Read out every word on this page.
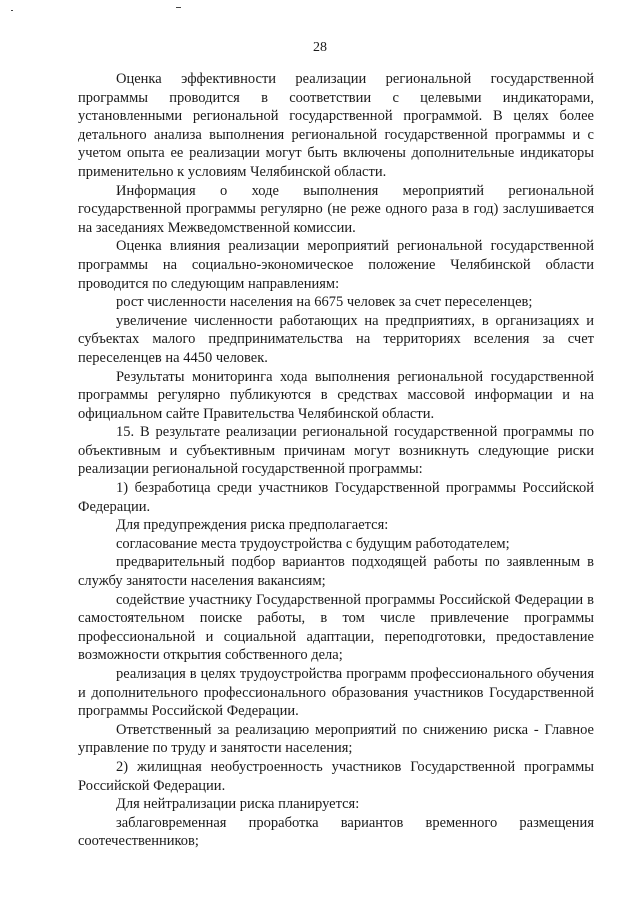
28

Оценка эффективности реализации региональной государственной программы проводится в соответствии с целевыми индикаторами, установленными региональной государственной программой. В целях более детального анализа выполнения региональной государственной программы и с учетом опыта ее реализации могут быть включены дополнительные индикаторы применительно к условиям Челябинской области.

Информация о ходе выполнения мероприятий региональной государственной программы регулярно (не реже одного раза в год) заслушивается на заседаниях Межведомственной комиссии.

Оценка влияния реализации мероприятий региональной государственной программы на социально-экономическое положение Челябинской области проводится по следующим направлениям:

рост численности населения на 6675 человек за счет переселенцев;

увеличение численности работающих на предприятиях, в организациях и субъектах малого предпринимательства на территориях вселения за счет переселенцев на 4450 человек.

Результаты мониторинга хода выполнения региональной государственной программы регулярно публикуются в средствах массовой информации и на официальном сайте Правительства Челябинской области.

15. В результате реализации региональной государственной программы по объективным и субъективным причинам могут возникнуть следующие риски реализации региональной государственной программы:

1) безработица среди участников Государственной программы Российской Федерации.

Для предупреждения риска предполагается:

согласование места трудоустройства с будущим работодателем;

предварительный подбор вариантов подходящей работы по заявленным в службу занятости населения вакансиям;

содействие участнику Государственной программы Российской Федерации в самостоятельном поиске работы, в том числе привлечение программы профессиональной и социальной адаптации, переподготовки, предоставление возможности открытия собственного дела;

реализация в целях трудоустройства программ профессионального обучения и дополнительного профессионального образования участников Государственной программы Российской Федерации.

Ответственный за реализацию мероприятий по снижению риска - Главное управление по труду и занятости населения;

2) жилищная необустроенность участников Государственной программы Российской Федерации.

Для нейтрализации риска планируется:

заблаговременная проработка вариантов временного размещения соотечественников;
